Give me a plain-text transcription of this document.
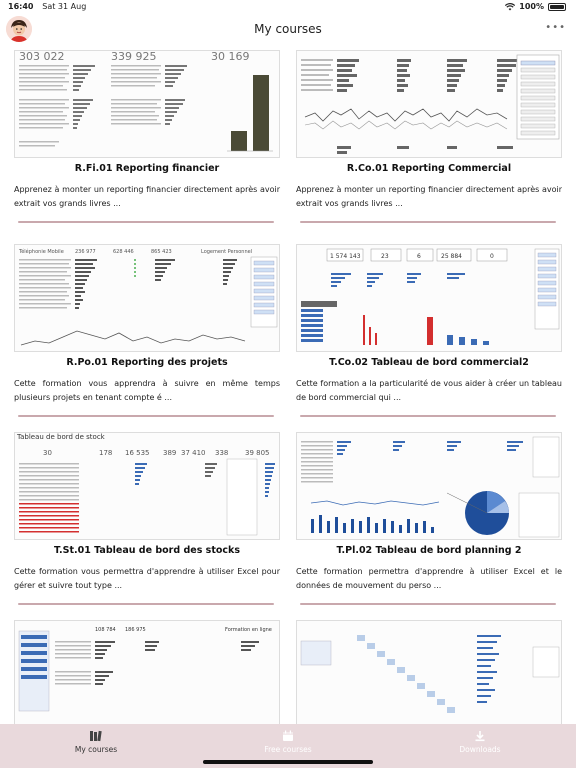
16:40 Sat 31 Aug	100%
My courses	•••
303 022	339 925	30 169
R.Fi.01 Reporting financier
Apprenez à monter un reporting financier directement après avoir extrait vos grands livres ...
R.Co.01 Reporting Commercial
Apprenez à monter un reporting financier directement après avoir extrait vos grands livres ...
Téléphonie Mobile 236 977	628 446	865 423	Logement Personnel
R.Po.01 Reporting des projets
Cette formation vous apprendra à suivre en même temps plusieurs projets en tenant compte é ...
1 574 143	23	6	25 884	0
T.Co.02 Tableau de bord commercial2
Cette formation a la particularité de vous aider à créer un tableau de bord commercial qui ...
Tableau de bord de stock
30	178 16 535 389 37 410 338 39 805
T.St.01 Tableau de bord des stocks
Cette formation vous permettra d'apprendre à utiliser Excel pour gérer et suivre tout type ...
T.Pl.02 Tableau de bord planning 2
Cette formation permettra d'apprendre à utiliser Excel et le données de mouvement du perso ...
108 784 186 975	Formation en ligne
My courses	Free courses	Downloads
